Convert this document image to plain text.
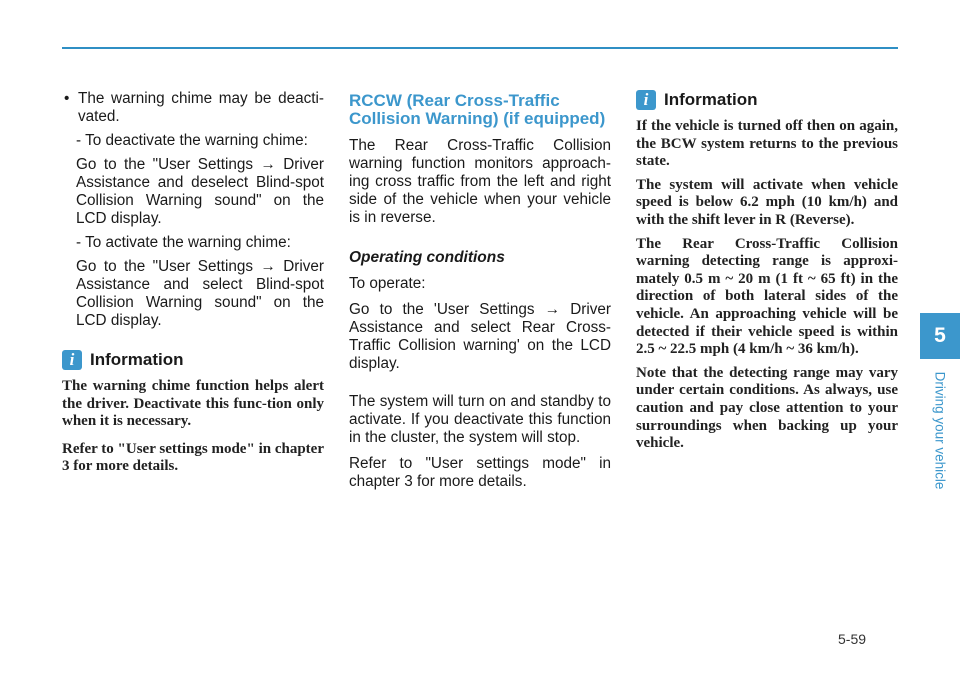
• The warning chime may be deacti-vated.

- To deactivate the warning chime:

Go to the "User Settings → Driver Assistance and deselect Blind-spot Collision Warning sound" on the LCD display.

- To activate the warning chime:

Go to the "User Settings → Driver Assistance and select Blind-spot Collision Warning sound" on the LCD display.

i Information

The warning chime function helps alert the driver. Deactivate this func-tion only when it is necessary.

Refer to "User settings mode" in chapter 3 for more details.

RCCW (Rear Cross-Traffic Collision Warning) (if equipped)

The Rear Cross-Traffic Collision warning function monitors approach-ing cross traffic from the left and right side of the vehicle when your vehicle is in reverse.

Operating conditions

To operate:

Go to the 'User Settings → Driver Assistance and select Rear Cross-Traffic Collision warning' on the LCD display.

The system will turn on and standby to activate. If you deactivate this function in the cluster, the system will stop.

Refer to "User settings mode" in chapter 3 for more details.

i Information

If the vehicle is turned off then on again, the BCW system returns to the previous state.

The system will activate when vehicle speed is below 6.2 mph (10 km/h) and with the shift lever in R (Reverse).

The Rear Cross-Traffic Collision warning detecting range is approxi-mately 0.5 m ~ 20 m (1 ft ~ 65 ft) in the direction of both lateral sides of the vehicle. An approaching vehicle will be detected if their vehicle speed is within 2.5 ~ 22.5 mph (4 km/h ~ 36 km/h).

Note that the detecting range may vary under certain conditions. As always, use caution and pay close attention to your surroundings when backing up your vehicle.

5
Driving your vehicle
5-59
